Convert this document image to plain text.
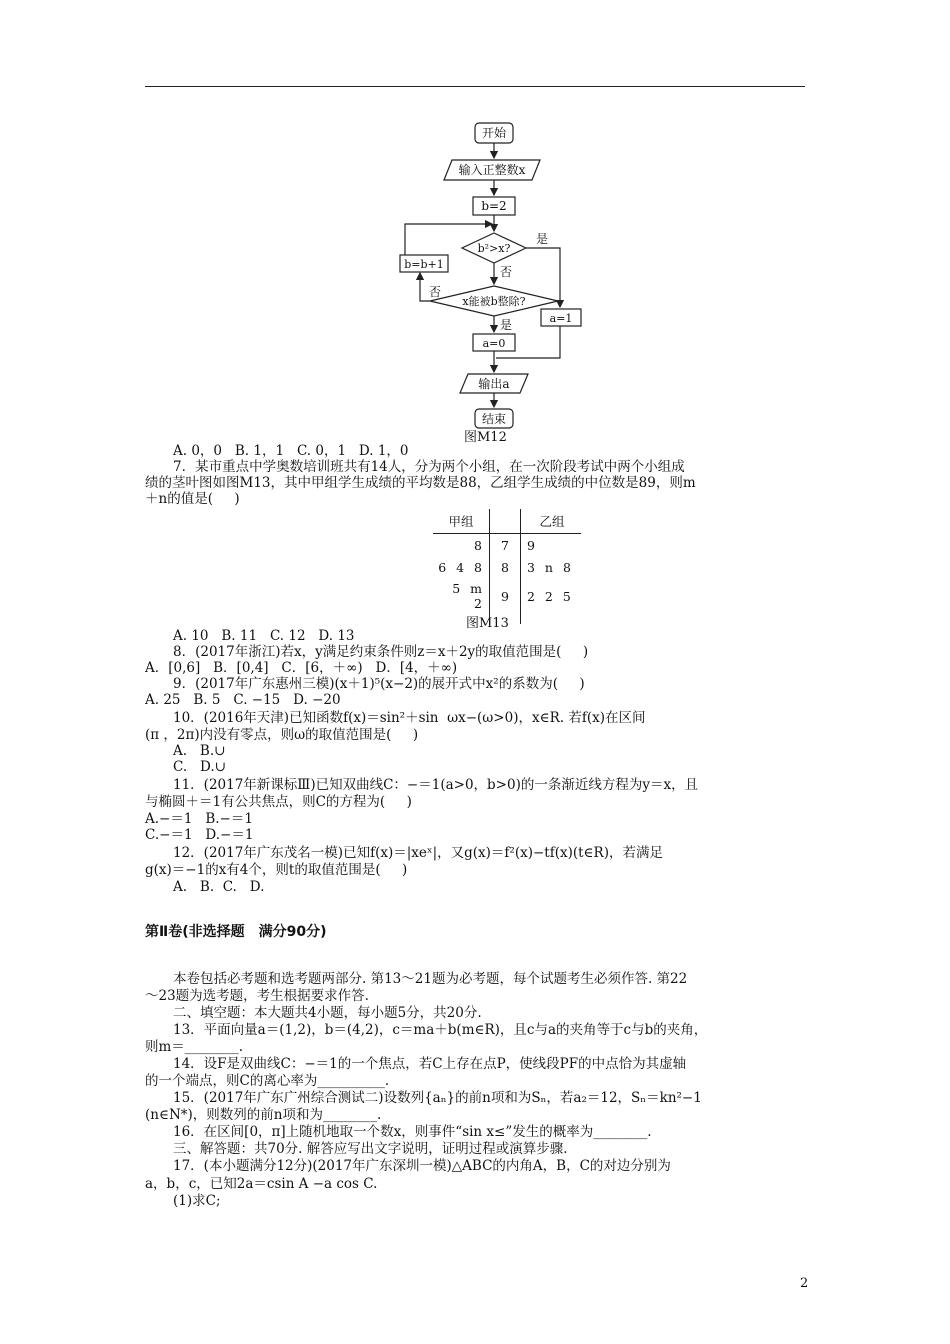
开始
输入正整数x
b=2
b²>x?
是
否
b=b+1
x能被b整除?
否
是	a=1
a=0
输出a
结束
图M12
A. 0，0   B. 1，1   C. 0，1   D. 1，0
7．某市重点中学奥数培训班共有14人，分为两个小组，在一次阶段考试中两个小组成
绩的茎叶图如图M13，其中甲组学生成绩的平均数是88，乙组学生成绩的中位数是89，则m
＋n的值是(     )
甲组		乙组
8	7	9
6 4 8	8	3 n 8
5 m 2	9	2 2 5

图M13
A. 10   B. 11   C. 12   D. 13
8．(2017年浙江)若x，y满足约束条件则z＝x＋2y的取值范围是(     )
A．[0,6]   B．[0,4]   C．[6，＋∞)   D．[4，＋∞)
9．(2017年广东惠州三模)(x＋1)⁵(x−2)的展开式中x²的系数为(     )
A. 25   B. 5   C. −15   D. −20
10．(2016年天津)已知函数f(x)＝sin²＋sin  ωx−(ω>0)，x∈R. 若f(x)在区间
(π ，2π)内没有零点，则ω的取值范围是(     )
A.   B.∪
C.   D.∪
11．(2017年新课标Ⅲ)已知双曲线C：−＝1(a>0，b>0)的一条渐近线方程为y＝x，且
与椭圆＋＝1有公共焦点，则C的方程为(     )
A.−＝1   B.−＝1
C.−＝1   D.−＝1
12．(2017年广东茂名一模)已知f(x)＝|xeˣ|，又g(x)＝f²(x)−tf(x)(t∈R)，若满足
g(x)＝−1的x有4个，则t的取值范围是(     )
A.   B.  C.   D.
第Ⅱ卷(非选择题　满分90分)
本卷包括必考题和选考题两部分. 第13～21题为必考题，每个试题考生必须作答. 第22
～23题为选考题，考生根据要求作答.
二、填空题：本大题共4小题，每小题5分，共20分.
13．平面向量a＝(1,2)，b＝(4,2)，c＝ma＋b(m∈R)，且c与a的夹角等于c与b的夹角，
则m＝________.
14．设F是双曲线C：−＝1的一个焦点，若C上存在点P，使线段PF的中点恰为其虚轴
的一个端点，则C的离心率为__________.
15．(2017年广东广州综合测试二)设数列{aₙ}的前n项和为Sₙ，若a₂＝12，Sₙ＝kn²−1
(n∈N*)，则数列的前n项和为________.
16．在区间[0，π]上随机地取一个数x，则事件“sin x≤”发生的概率为________.
三、解答题：共70分. 解答应写出文字说明，证明过程或演算步骤.
17．(本小题满分12分)(2017年广东深圳一模)△ABC的内角A，B，C的对边分别为
a，b，c，已知2a＝csin A −a cos C.
(1)求C;
2
